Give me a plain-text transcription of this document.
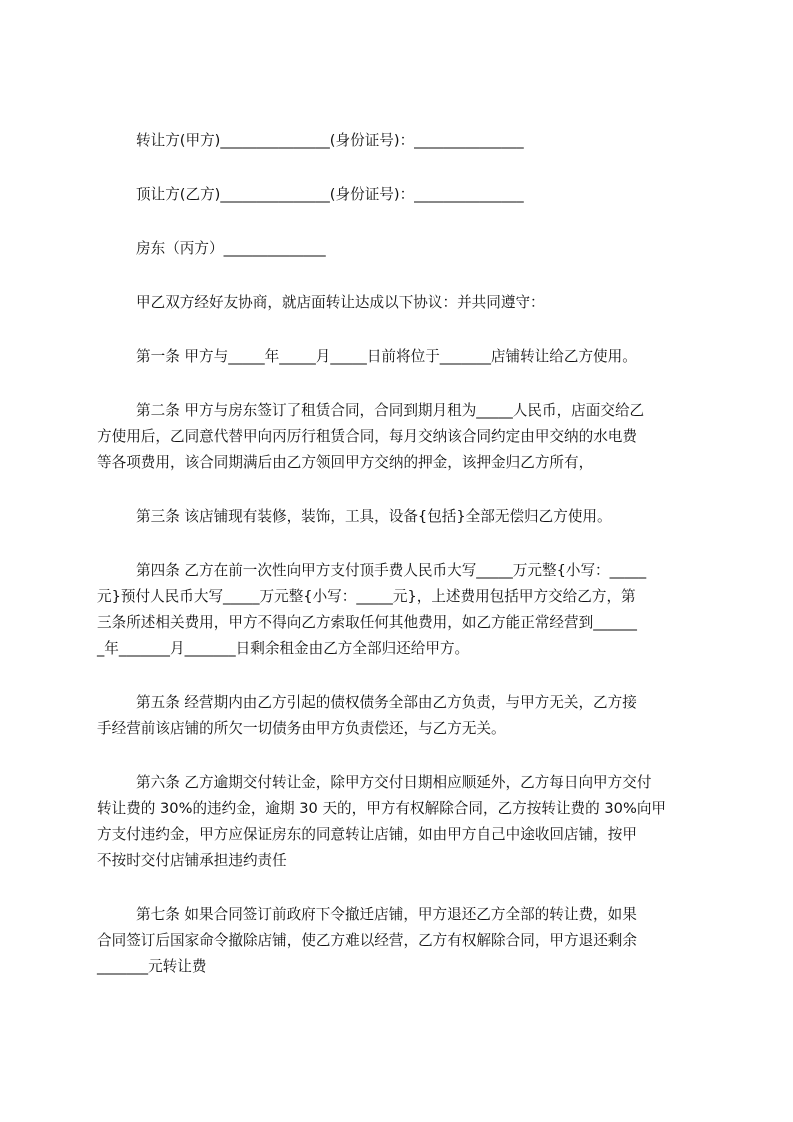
转让方(甲方)_______________(身份证号)：_______________
顶让方(乙方)_______________(身份证号)：_______________
房东（丙方）______________
甲乙双方经好友协商，就店面转让达成以下协议：并共同遵守：
第一条 甲方与_____年_____月_____日前将位于_______店铺转让给乙方使用。
第二条 甲方与房东签订了租赁合同，合同到期月租为_____人民币，店面交给乙
方使用后，乙同意代替甲向丙厉行租赁合同，每月交纳该合同约定由甲交纳的水电费
等各项费用，该合同期满后由乙方领回甲方交纳的押金，该押金归乙方所有，
第三条 该店铺现有装修，装饰，工具，设备{包括}全部无偿归乙方使用。
第四条 乙方在前一次性向甲方支付顶手费人民币大写_____万元整{小写：_____
元}预付人民币大写_____万元整{小写：_____元}，上述费用包括甲方交给乙方，第
三条所述相关费用，甲方不得向乙方索取任何其他费用，如乙方能正常经营到______
_年_______月_______日剩余租金由乙方全部归还给甲方。
第五条 经营期内由乙方引起的债权债务全部由乙方负责，与甲方无关，乙方接
手经营前该店铺的所欠一切债务由甲方负责偿还，与乙方无关。
第六条 乙方逾期交付转让金，除甲方交付日期相应顺延外，乙方每日向甲方交付
转让费的 30%的违约金，逾期 30 天的，甲方有权解除合同，乙方按转让费的 30%向甲
方支付违约金，甲方应保证房东的同意转让店铺，如由甲方自己中途收回店铺，按甲
不按时交付店铺承担违约责任
第七条 如果合同签订前政府下令撤迁店铺，甲方退还乙方全部的转让费，如果
合同签订后国家命令撤除店铺，使乙方难以经营，乙方有权解除合同，甲方退还剩余
_______元转让费
